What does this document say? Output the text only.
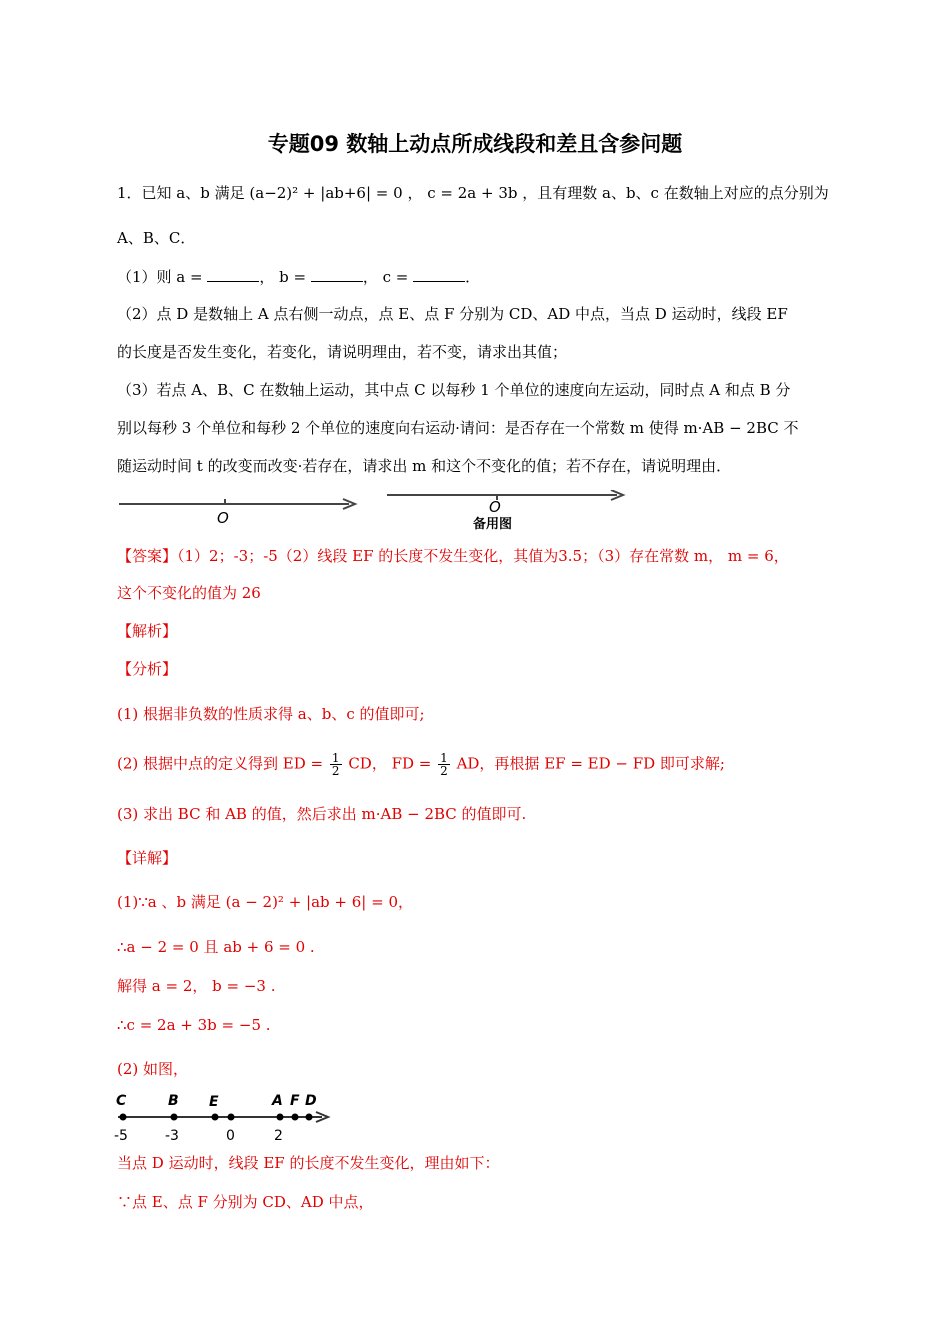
专题09 数轴上动点所成线段和差且含参问题
1．已知 a、b 满足 (a−2)² + |ab+6| = 0 ， c = 2a + 3b ，且有理数 a、b、c 在数轴上对应的点分别为
A、B、C．
（1）则 a =	， b =	， c =	．
（2）点 D 是数轴上 A 点右侧一动点，点 E、点 F 分别为 CD、AD 中点，当点 D 运动时，线段 EF
的长度是否发生变化，若变化，请说明理由，若不变，请求出其值；
（3）若点 A、B、C 在数轴上运动，其中点 C 以每秒 1 个单位的速度向左运动，同时点 A 和点 B 分
别以每秒 3 个单位和每秒 2 个单位的速度向右运动·请问：是否存在一个常数 m 使得 m·AB − 2BC 不
随运动时间 t 的改变而改变·若存在，请求出 m 和这个不变化的值；若不存在，请说明理由．
O
O
备用图
【答案】（1）2；-3；-5（2）线段 EF 的长度不发生变化，其值为3.5；（3）存在常数 m， m = 6，
这个不变化的值为 26
【解析】
【分析】
(1) 根据非负数的性质求得 a、b、c 的值即可;
(2) 根据中点的定义得到 ED = $\frac{1}{2}$ CD， FD = $\frac{1}{2}$ AD，再根据 EF = ED − FD 即可求解;
(3) 求出 BC 和 AB 的值，然后求出 m·AB − 2BC 的值即可.
【详解】
(1)∵a 、b 满足 (a − 2)² + |ab + 6| = 0，
∴a − 2 = 0 且 ab + 6 = 0 .
解得 a = 2， b = −3 .
∴c = 2a + 3b = −5 .
(2) 如图，
C	B E	A F D
-5	-3	0	2
当点 D 运动时，线段 EF 的长度不发生变化，理由如下：
∵点 E、点 F 分别为 CD、AD 中点，
